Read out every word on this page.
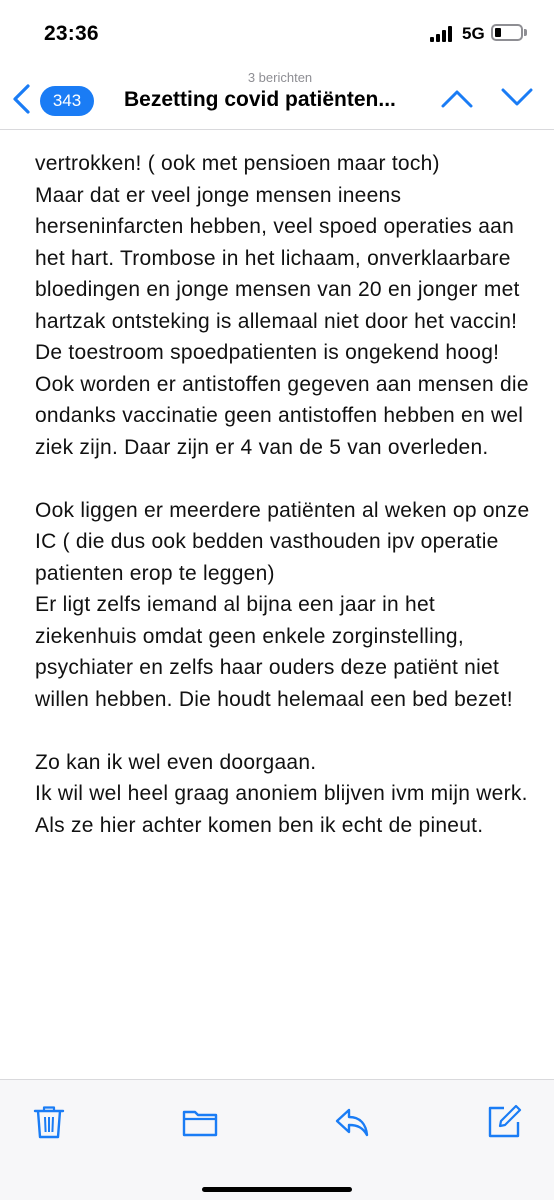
23:36	5G
343
3 berichten
Bezetting covid patiënten...

vertrokken! ( ook met pensioen maar toch)

Maar dat er veel jonge mensen ineens herseninfarcten hebben, veel spoed operaties aan het hart. Trombose in het lichaam, onverklaarbare bloedingen en jonge mensen van 20 en jonger met hartzak ontsteking is allemaal niet door het vaccin!

De toestroom spoedpatienten is ongekend hoog!

Ook worden er antistoffen gegeven aan mensen die ondanks vaccinatie geen antistoffen hebben en wel ziek zijn. Daar zijn er 4 van de 5 van overleden.

Ook liggen er meerdere patiënten al weken op onze IC ( die dus ook bedden vasthouden ipv operatie patienten erop te leggen)

Er ligt zelfs iemand al bijna een jaar in het ziekenhuis omdat geen enkele zorginstelling, psychiater en zelfs haar ouders deze patiënt niet willen hebben. Die houdt helemaal een bed bezet!

Zo kan ik wel even doorgaan.

Ik wil wel heel graag anoniem blijven ivm mijn werk. Als ze hier achter komen ben ik echt de pineut.
